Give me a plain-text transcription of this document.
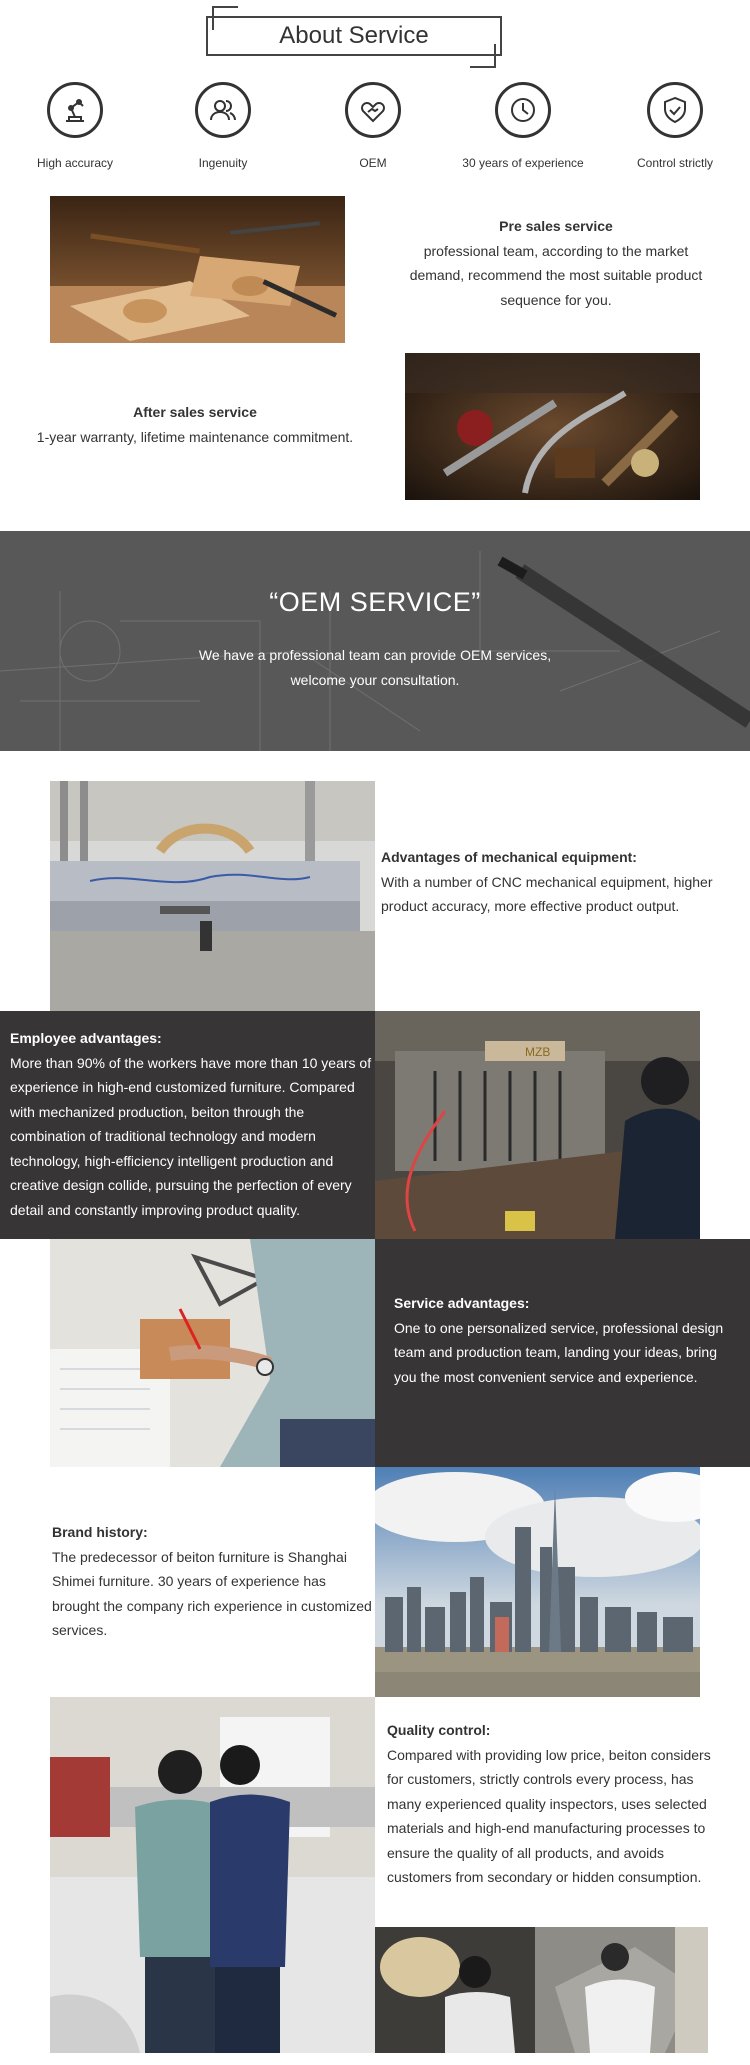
About Service
High accuracy	Ingenuity	OEM	30 years of experience	Control strictly
Pre sales service
professional team, according to the market demand, recommend the most suitable product sequence for you.
After sales service
1-year warranty, lifetime maintenance commitment.
“OEM SERVICE”
We have a professional team can provide OEM services,
welcome your consultation.
Advantages of mechanical equipment:
With a number of CNC mechanical equipment, higher product accuracy, more effective product output.
Employee advantages:
More than 90% of the workers have more than 10 years of experience in high-end customized furniture. Compared with mechanized production, beiton through the combination of traditional technology and modern technology, high-efficiency intelligent production and creative design collide, pursuing the perfection of every detail and constantly improving product quality.
MZB
Service advantages:
One to one personalized service, professional design team and production team, landing your ideas, bring you the most convenient service and experience.
Brand history:
The predecessor of beiton furniture is Shanghai Shimei furniture. 30 years of experience has brought the company rich experience in customized services.
Quality control:
Compared with providing low price, beiton considers for customers, strictly controls every process, has many experienced quality inspectors, uses selected materials and high-end manufacturing processes to ensure the quality of all products, and avoids customers from secondary or hidden consumption.
